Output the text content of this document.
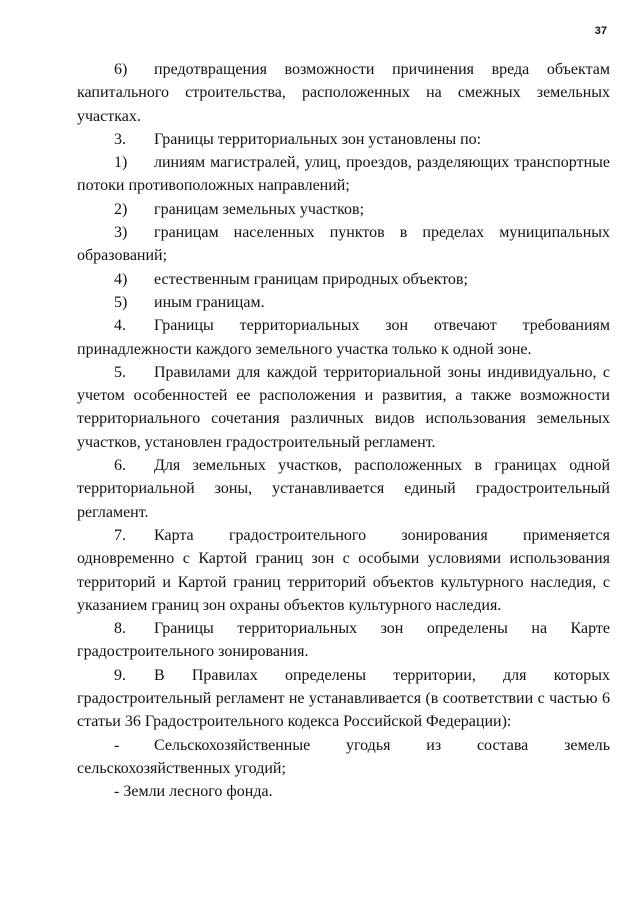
37

6) предотвращения возможности причинения вреда объектам капитального строительства, расположенных на смежных земельных участках.

3. Границы территориальных зон установлены по:

1) линиям магистралей, улиц, проездов, разделяющих транспортные потоки противоположных направлений;

2) границам земельных участков;

3) границам населенных пунктов в пределах муниципальных образований;

4) естественным границам природных объектов;

5) иным границам.

4. Границы территориальных зон отвечают требованиям принадлежности каждого земельного участка только к одной зоне.

5. Правилами для каждой территориальной зоны индивидуально, с учетом особенностей ее расположения и развития, а также возможности территориального сочетания различных видов использования земельных участков, установлен градостроительный регламент.

6. Для земельных участков, расположенных в границах одной территориальной зоны, устанавливается единый градостроительный регламент.

7. Карта градостроительного зонирования применяется одновременно с Картой границ зон с особыми условиями использования территорий и Картой границ территорий объектов культурного наследия, с указанием границ зон охраны объектов культурного наследия.

8. Границы территориальных зон определены на Карте градостроительного зонирования.

9. В Правилах определены территории, для которых градостроительный регламент не устанавливается (в соответствии с частью 6 статьи 36 Градостроительного кодекса Российской Федерации):

- Сельскохозяйственные угодья из состава земель сельскохозяйственных угодий;

- Земли лесного фонда.
